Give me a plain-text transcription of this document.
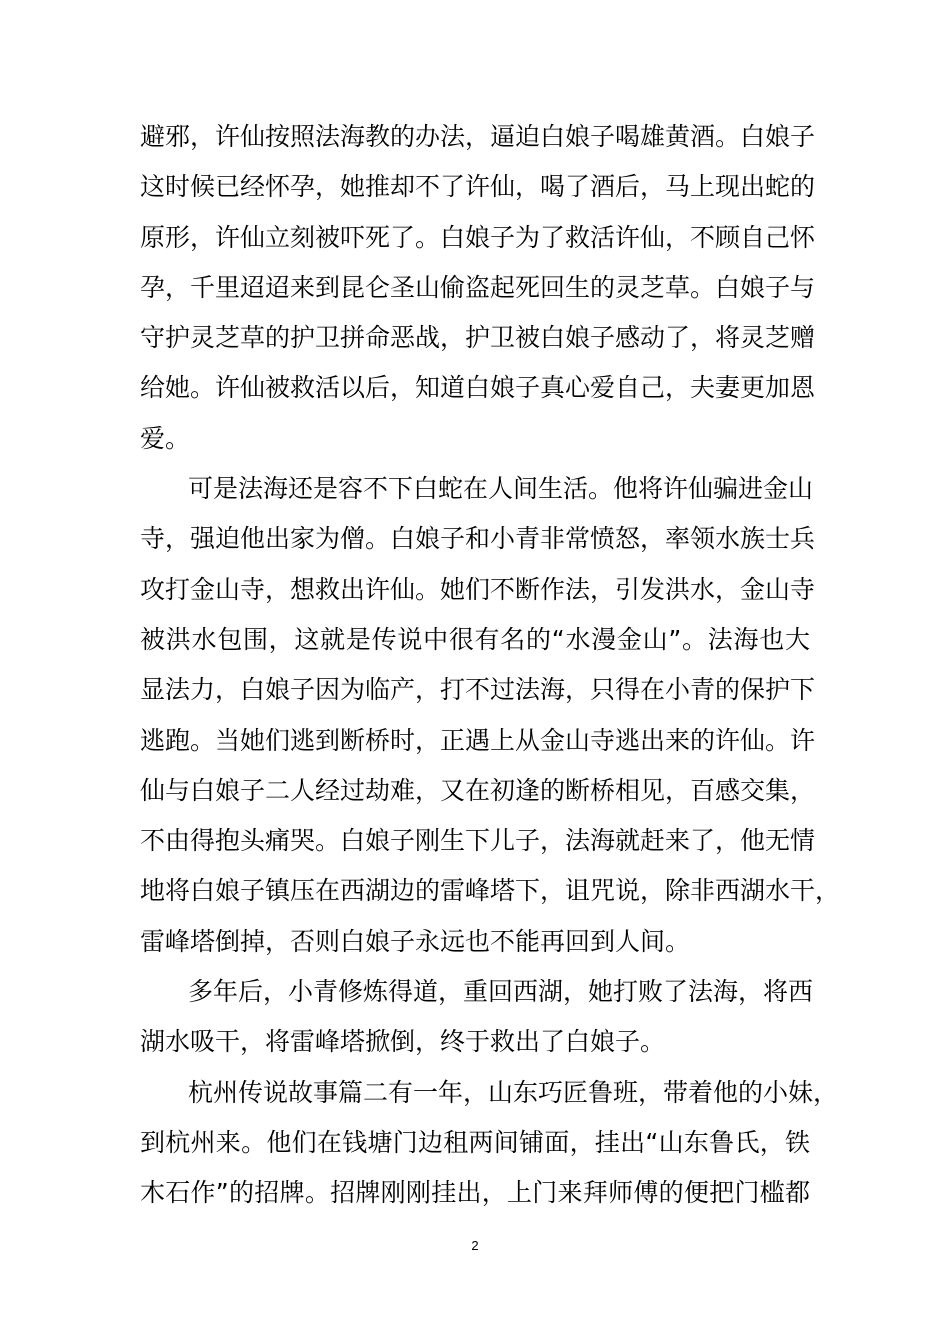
避邪，许仙按照法海教的办法，逼迫白娘子喝雄黄酒。白娘子
这时候已经怀孕，她推却不了许仙，喝了酒后，马上现出蛇的
原形，许仙立刻被吓死了。白娘子为了救活许仙，不顾自己怀
孕，千里迢迢来到昆仑圣山偷盗起死回生的灵芝草。白娘子与
守护灵芝草的护卫拼命恶战，护卫被白娘子感动了，将灵芝赠
给她。许仙被救活以后，知道白娘子真心爱自己，夫妻更加恩
爱。
可是法海还是容不下白蛇在人间生活。他将许仙骗进金山
寺，强迫他出家为僧。白娘子和小青非常愤怒，率领水族士兵
攻打金山寺，想救出许仙。她们不断作法，引发洪水，金山寺
被洪水包围，这就是传说中很有名的“水漫金山”。法海也大
显法力，白娘子因为临产，打不过法海，只得在小青的保护下
逃跑。当她们逃到断桥时，正遇上从金山寺逃出来的许仙。许
仙与白娘子二人经过劫难，又在初逢的断桥相见，百感交集，
不由得抱头痛哭。白娘子刚生下儿子，法海就赶来了，他无情
地将白娘子镇压在西湖边的雷峰塔下，诅咒说，除非西湖水干，
雷峰塔倒掉，否则白娘子永远也不能再回到人间。
多年后，小青修炼得道，重回西湖，她打败了法海，将西
湖水吸干，将雷峰塔掀倒，终于救出了白娘子。
杭州传说故事篇二有一年，山东巧匠鲁班，带着他的小妹，
到杭州来。他们在钱塘门边租两间铺面，挂出“山东鲁氏，铁
木石作”的招牌。招牌刚刚挂出，上门来拜师傅的便把门槛都
2
